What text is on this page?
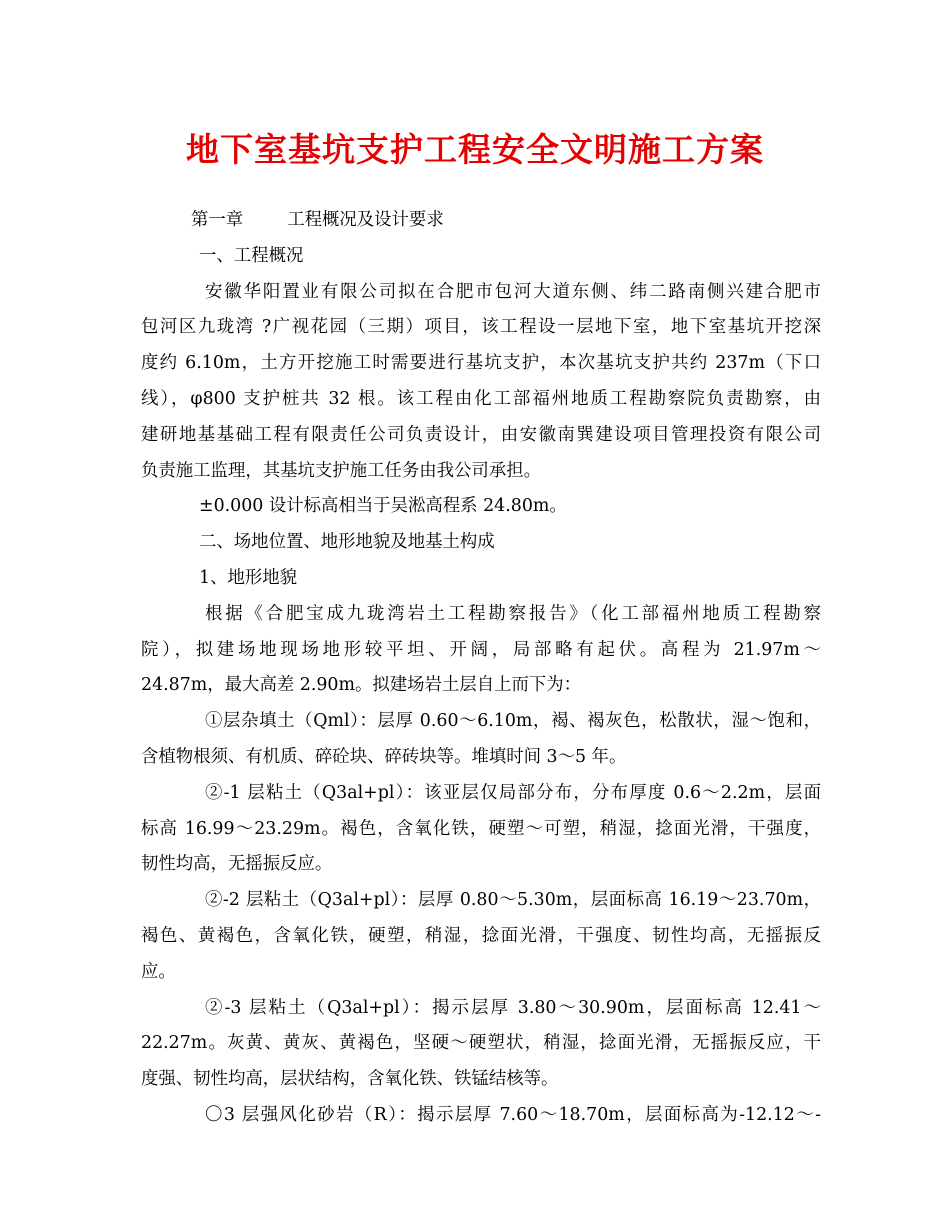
地下室基坑支护工程安全文明施工方案
第一章	工程概况及设计要求
一、工程概况
安徽华阳置业有限公司拟在合肥市包河大道东侧、纬二路南侧兴建合肥市
包河区九珑湾 ?广视花园（三期）项目，该工程设一层地下室，地下室基坑开挖深
度约 6.10m，土方开挖施工时需要进行基坑支护，本次基坑支护共约 237m（下口
线），φ800 支护桩共 32 根。该工程由化工部福州地质工程勘察院负责勘察，由
建研地基基础工程有限责任公司负责设计，由安徽南巽建设项目管理投资有限公司
负责施工监理，其基坑支护施工任务由我公司承担。
±0.000 设计标高相当于吴淞高程系 24.80m。
二、场地位置、地形地貌及地基土构成
1、地形地貌
根据《合肥宝成九珑湾岩土工程勘察报告》（化工部福州地质工程勘察
院），拟建场地现场地形较平坦、开阔，局部略有起伏。高程为 21.97m～
24.87m，最大高差 2.90m。拟建场岩土层自上而下为：
①层杂填土（Qml）：层厚 0.60～6.10m，褐、褐灰色，松散状，湿～饱和，
含植物根须、有机质、碎砼块、碎砖块等。堆填时间 3～5 年。
②-1 层粘土（Q3al+pl）：该亚层仅局部分布，分布厚度 0.6～2.2m，层面
标高 16.99～23.29m。褐色，含氧化铁，硬塑～可塑，稍湿，捻面光滑，干强度，
韧性均高，无摇振反应。
②-2 层粘土（Q3al+pl）：层厚 0.80～5.30m，层面标高 16.19～23.70m，
褐色、黄褐色，含氧化铁，硬塑，稍湿，捻面光滑，干强度、韧性均高，无摇振反
应。
②-3 层粘土（Q3al+pl）：揭示层厚 3.80～30.90m，层面标高 12.41～
22.27m。灰黄、黄灰、黄褐色，坚硬～硬塑状，稍湿，捻面光滑，无摇振反应，干
度强、韧性均高，层状结构，含氧化铁、铁锰结核等。
〇3 层强风化砂岩（R）：揭示层厚 7.60～18.70m，层面标高为-12.12～-
